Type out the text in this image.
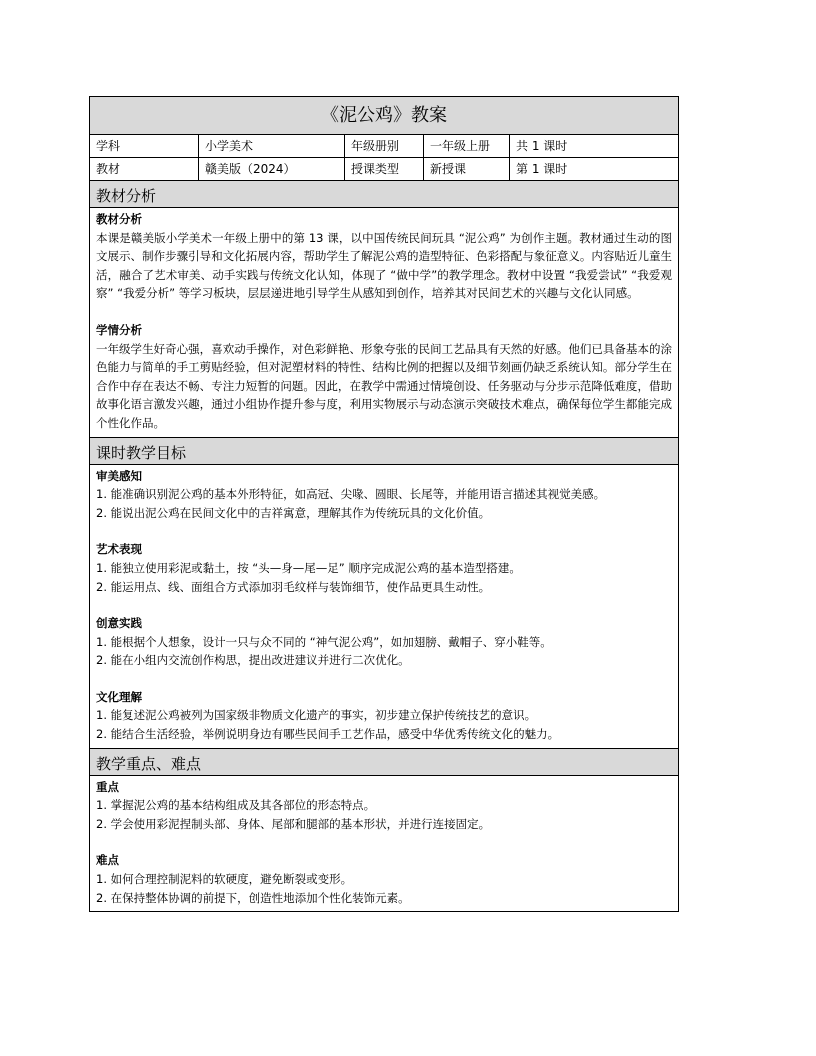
《泥公鸡》教案
学科	小学美术	年级册别	一年级上册	共 1 课时
教材	赣美版（2024）	授课类型	新授课	第 1 课时
教材分析
教材分析
本课是赣美版小学美术一年级上册中的第 13 课，以中国传统民间玩具 “泥公鸡” 为创作主题。教材通过生动的图文展示、制作步骤引导和文化拓展内容，帮助学生了解泥公鸡的造型特征、色彩搭配与象征意义。内容贴近儿童生活，融合了艺术审美、动手实践与传统文化认知，体现了 “做中学”的教学理念。教材中设置 “我爱尝试” “我爱观察” “我爱分析” 等学习板块，层层递进地引导学生从感知到创作，培养其对民间艺术的兴趣与文化认同感。
学情分析
一年级学生好奇心强，喜欢动手操作，对色彩鲜艳、形象夸张的民间工艺品具有天然的好感。他们已具备基本的涂色能力与简单的手工剪贴经验，但对泥塑材料的特性、结构比例的把握以及细节刻画仍缺乏系统认知。部分学生在合作中存在表达不畅、专注力短暂的问题。因此，在教学中需通过情境创设、任务驱动与分步示范降低难度，借助故事化语言激发兴趣，通过小组协作提升参与度，利用实物展示与动态演示突破技术难点，确保每位学生都能完成个性化作品。
课时教学目标
审美感知
1. 能准确识别泥公鸡的基本外形特征，如高冠、尖喙、圆眼、长尾等，并能用语言描述其视觉美感。
2. 能说出泥公鸡在民间文化中的吉祥寓意，理解其作为传统玩具的文化价值。
艺术表现
1. 能独立使用彩泥或黏土，按 “头—身—尾—足” 顺序完成泥公鸡的基本造型搭建。
2. 能运用点、线、面组合方式添加羽毛纹样与装饰细节，使作品更具生动性。
创意实践
1. 能根据个人想象，设计一只与众不同的 “神气泥公鸡”，如加翅膀、戴帽子、穿小鞋等。
2. 能在小组内交流创作构思，提出改进建议并进行二次优化。
文化理解
1. 能复述泥公鸡被列为国家级非物质文化遗产的事实，初步建立保护传统技艺的意识。
2. 能结合生活经验，举例说明身边有哪些民间手工艺作品，感受中华优秀传统文化的魅力。
教学重点、难点
重点
1. 掌握泥公鸡的基本结构组成及其各部位的形态特点。
2. 学会使用彩泥捏制头部、身体、尾部和腿部的基本形状，并进行连接固定。
难点
1. 如何合理控制泥料的软硬度，避免断裂或变形。
2. 在保持整体协调的前提下，创造性地添加个性化装饰元素。
